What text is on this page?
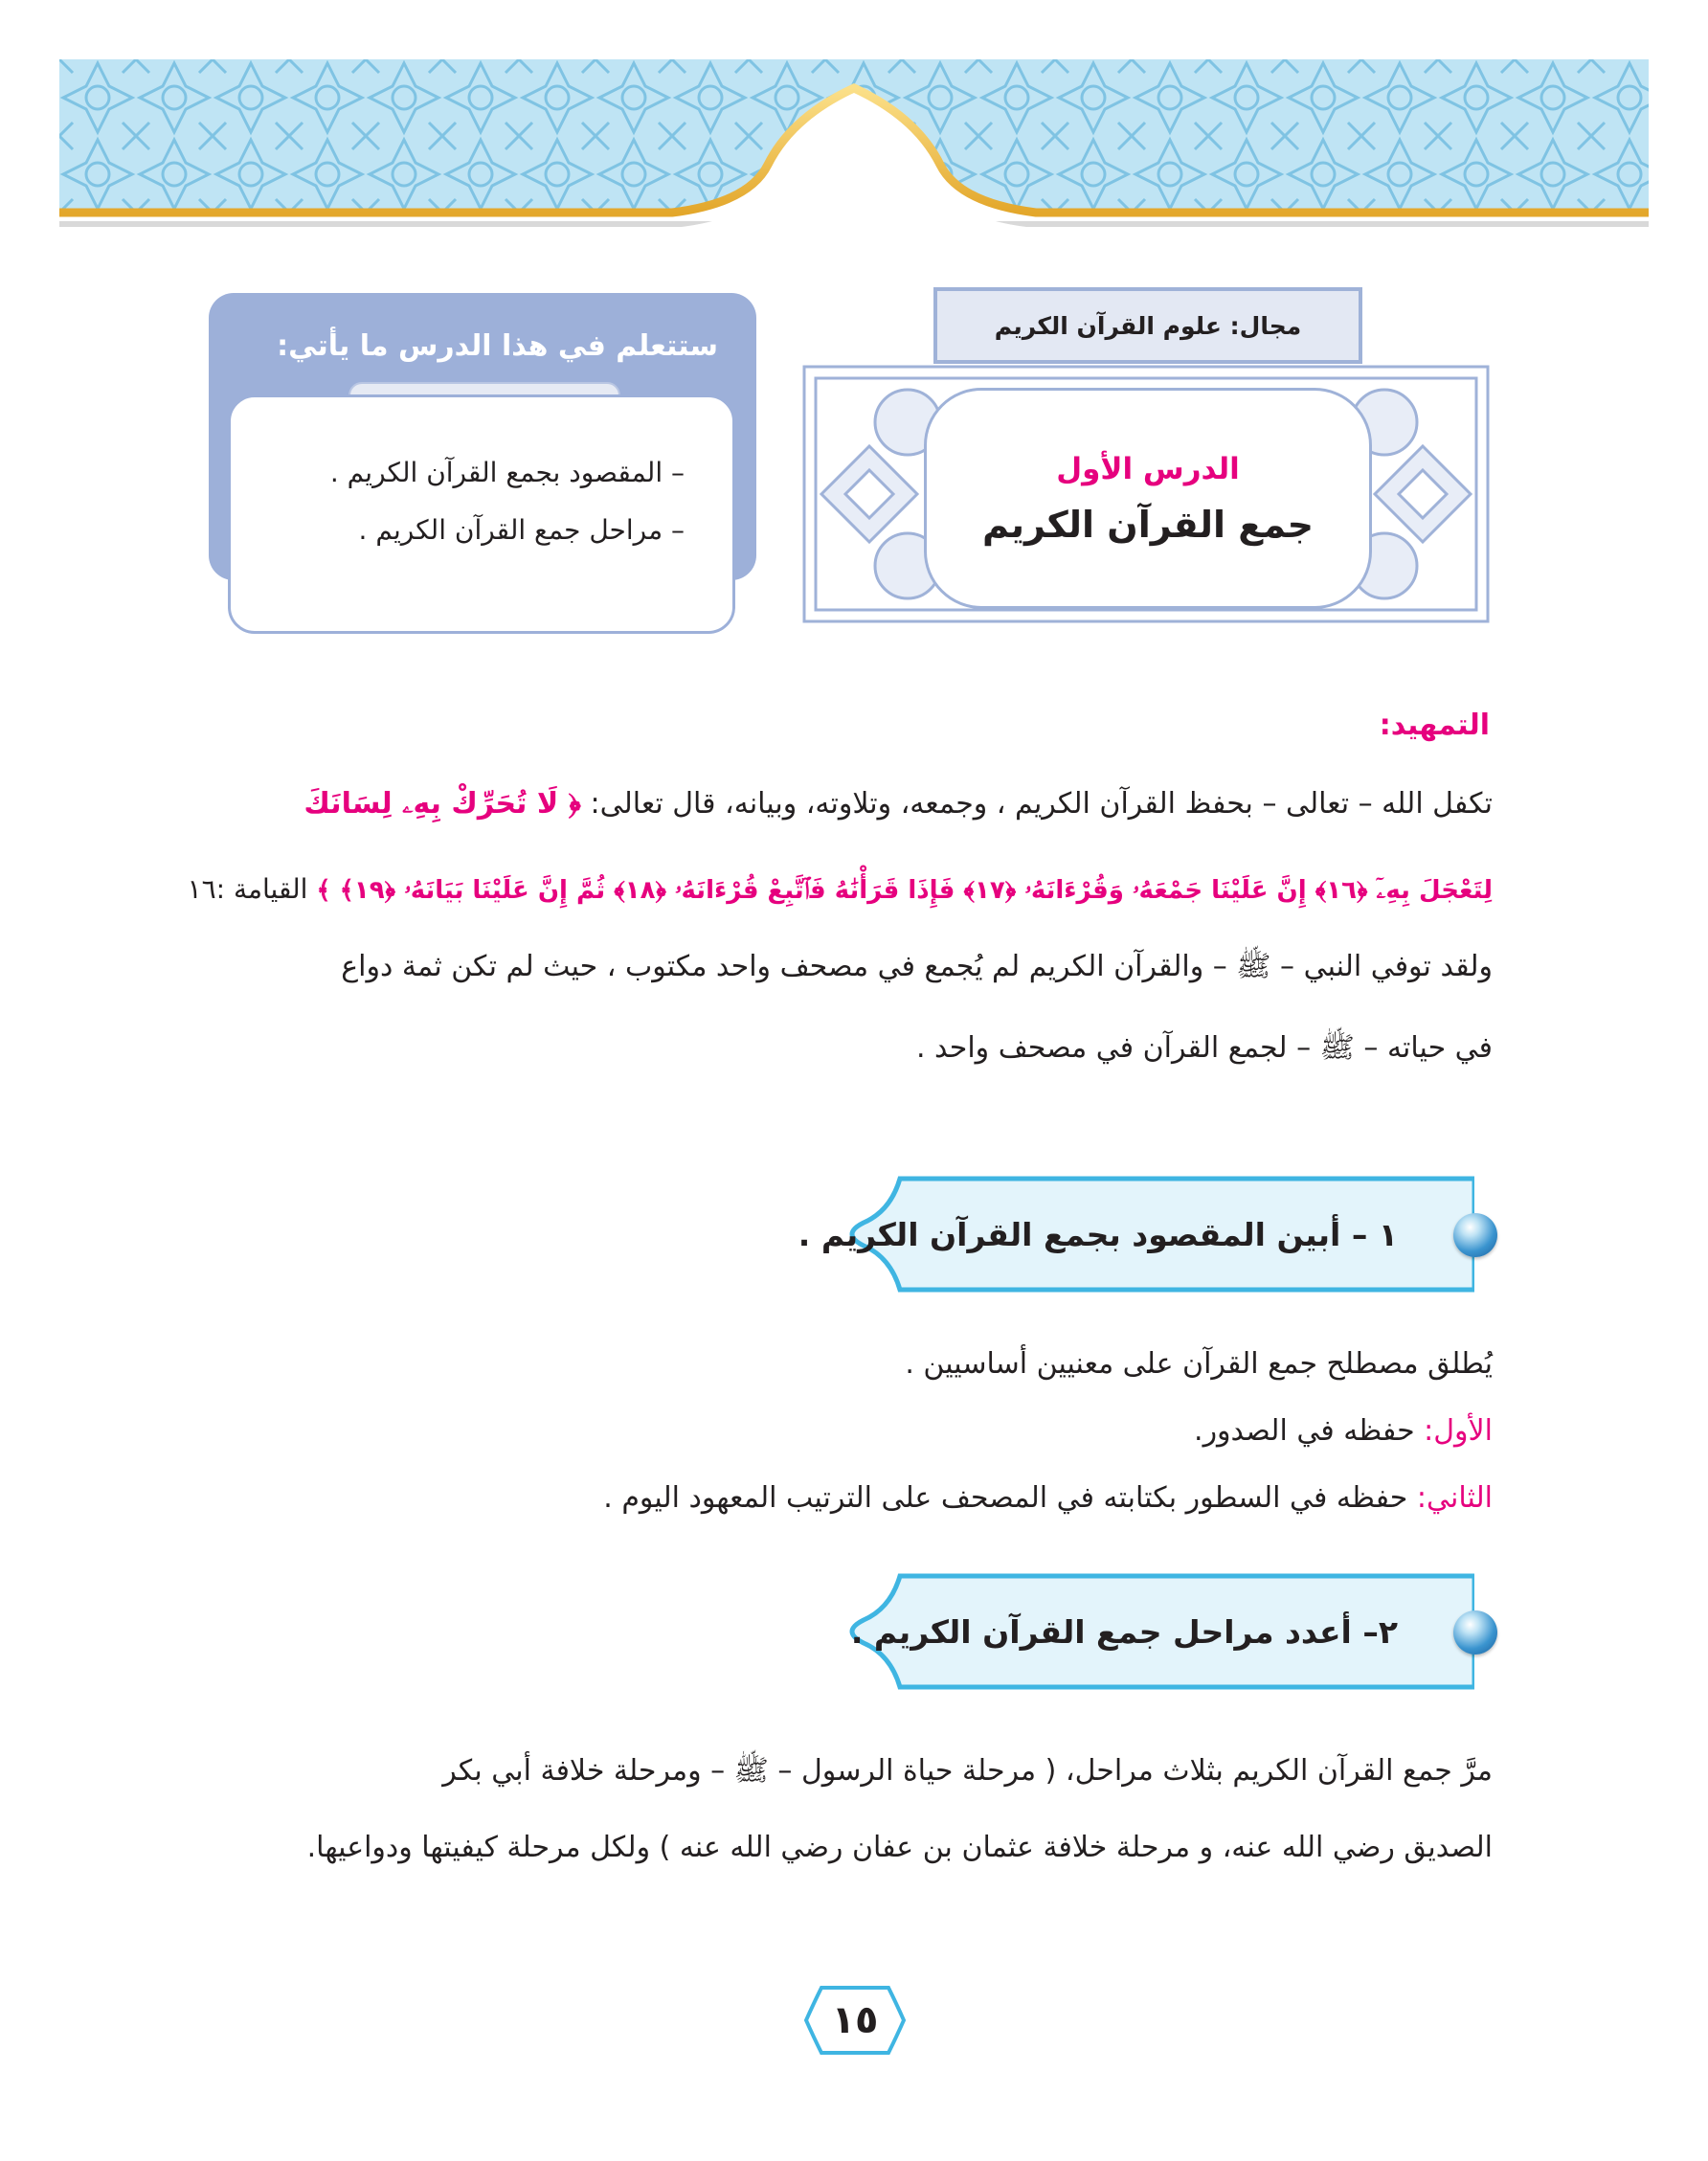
مجال: علوم القرآن الكريم
الدرس الأول
جمع القرآن الكريم
ستتعلم في هذا الدرس ما يأتي:
– المقصود بجمع القرآن الكريم .
– مراحل جمع القرآن الكريم .
التمهيد:
تكفل الله – تعالى – بحفظ القرآن الكريم ، وجمعه، وتلاوته، وبيانه، قال تعالى: ﴿ لَا تُحَرِّكْ بِهِۦ لِسَانَكَ
لِتَعْجَلَ بِهِۦٓ ﴿١٦﴾ إِنَّ عَلَيْنَا جَمْعَهُۥ وَقُرْءَانَهُۥ ﴿١٧﴾ فَإِذَا قَرَأْنَٰهُ فَٱتَّبِعْ قُرْءَانَهُۥ ﴿١٨﴾ ثُمَّ إِنَّ عَلَيْنَا بَيَانَهُۥ ﴿١٩﴾ ﴾ القيامة :١٦
ولقد توفي النبي – ﷺ – والقرآن الكريم لم يُجمع في مصحف واحد مكتوب ، حيث لم تكن ثمة دواع
في حياته – ﷺ – لجمع القرآن في مصحف واحد .
١ – أبين المقصود بجمع القرآن الكريم .
يُطلق مصطلح جمع القرآن على معنيين أساسيين .
الأول: حفظه في الصدور.
الثاني: حفظه في السطور بكتابته في المصحف على الترتيب المعهود اليوم .
٢– أعدد مراحل جمع القرآن الكريم .
مرَّ جمع القرآن الكريم بثلاث مراحل، ( مرحلة حياة الرسول – ﷺ – ومرحلة خلافة أبي بكر
الصديق رضي الله عنه، و مرحلة خلافة عثمان بن عفان رضي الله عنه ) ولكل مرحلة كيفيتها ودواعيها.
١٥
